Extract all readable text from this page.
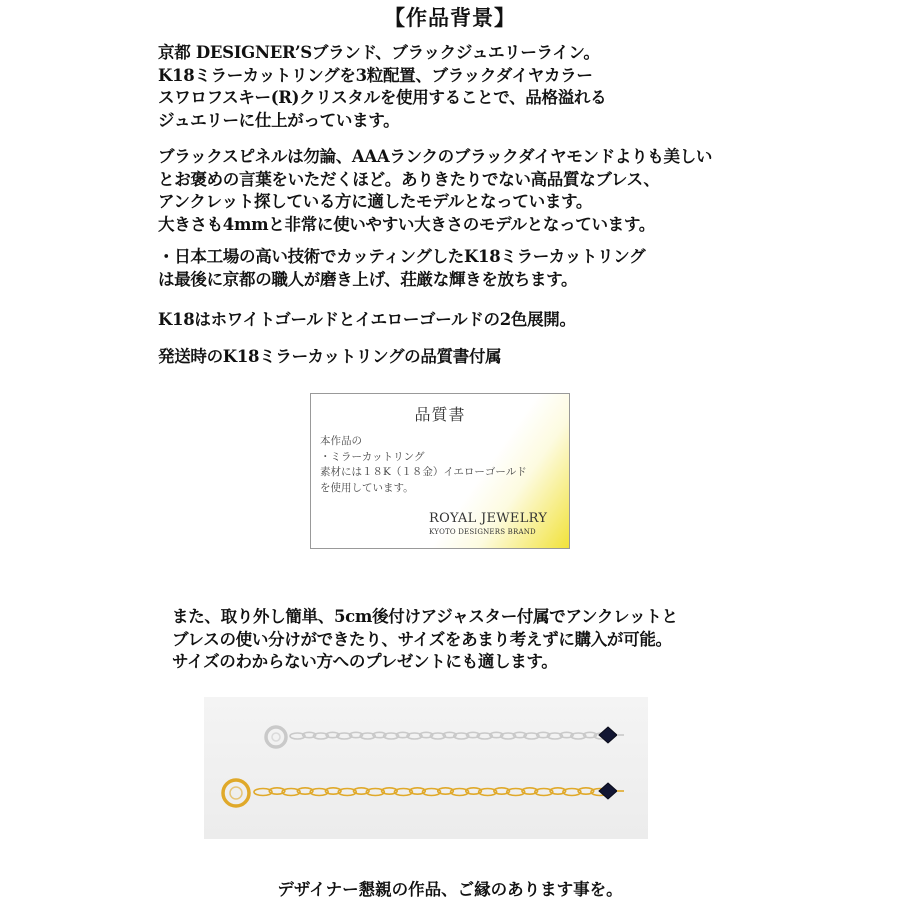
【作品背景】
京都 DESIGNER’Sブランド、ブラックジュエリーライン。
K18ミラーカットリングを3粒配置、ブラックダイヤカラー
スワロフスキー(R)クリスタルを使用することで、品格溢れる
ジュエリーに仕上がっています。
ブラックスピネルは勿論、AAAランクのブラックダイヤモンドよりも美しい
とお褒めの言葉をいただくほど。ありきたりでない高品質なブレス、
アンクレット探している方に適したモデルとなっています。
大きさも4mmと非常に使いやすい大きさのモデルとなっています。
・日本工場の高い技術でカッティングしたK18ミラーカットリング
は最後に京都の職人が磨き上げ、荘厳な輝きを放ちます。
K18はホワイトゴールドとイエローゴールドの2色展開。
発送時のK18ミラーカットリングの品質書付属
品質書
本作品の
・ミラーカットリング
素材には１８K（１８金）イエローゴールド
を使用しています。
ROYAL JEWELRY
KYOTO DESIGNERS BRAND
また、取り外し簡単、5cm後付けアジャスター付属でアンクレットと
ブレスの使い分けができたり、サイズをあまり考えずに購入が可能。
サイズのわからない方へのプレゼントにも適します。
デザイナー懇親の作品、ご縁のあります事を。
